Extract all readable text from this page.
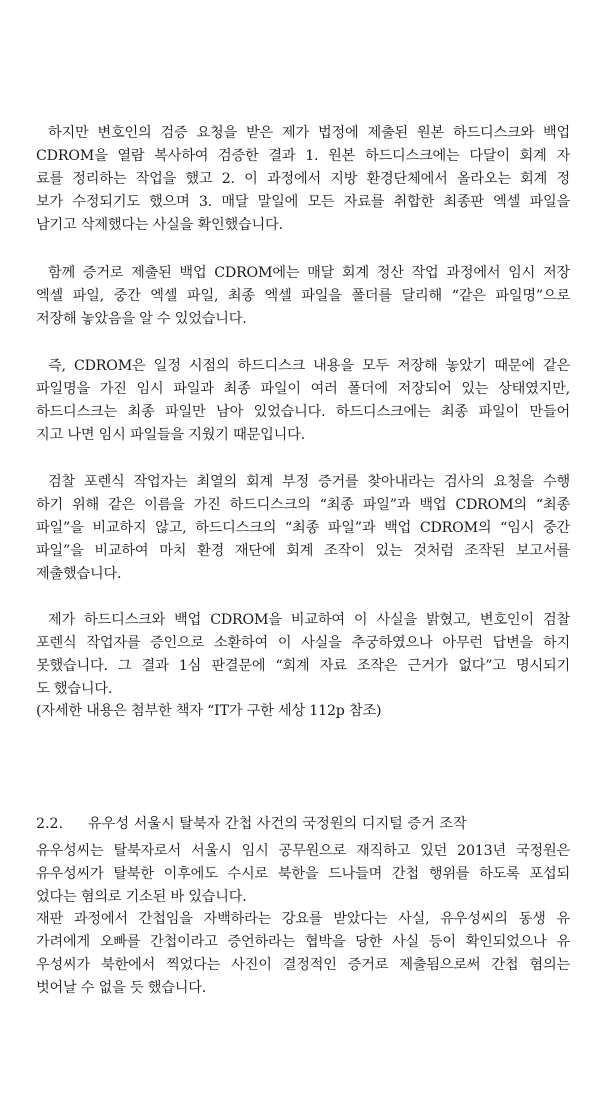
하지만 변호인의 검증 요청을 받은 제가 법정에 제출된 원본 하드디스크와 백업
CDROM을 열람 복사하여 검증한 결과 1. 원본 하드디스크에는 다달이 회계 자
료를 정리하는 작업을 했고 2. 이 과정에서 지방 환경단체에서 올라오는 회계 정
보가 수정되기도 했으며 3. 매달 말일에 모든 자료를 취합한 최종판 엑셀 파일을
남기고 삭제했다는 사실을 확인했습니다.
함께 증거로 제출된 백업 CDROM에는 매달 회계 정산 작업 과정에서 임시 저장
엑셀 파일, 중간 엑셀 파일, 최종 엑셀 파일을 폴더를 달리해 “같은 파일명”으로
저장해 놓았음을 알 수 있었습니다.
즉, CDROM은 일정 시점의 하드디스크 내용을 모두 저장해 놓았기 때문에 같은
파일명을 가진 임시 파일과 최종 파일이 여러 폴더에 저장되어 있는 상태였지만,
하드디스크는 최종 파일만 남아 있었습니다. 하드디스크에는 최종 파일이 만들어
지고 나면 임시 파일들을 지웠기 때문입니다.
검찰 포렌식 작업자는 최열의 회계 부정 증거를 찾아내라는 검사의 요청을 수행
하기 위해 같은 이름을 가진 하드디스크의 “최종 파일”과 백업 CDROM의 “최종
파일”을 비교하지 않고, 하드디스크의 “최종 파일”과 백업 CDROM의 “임시 중간
파일”을 비교하여 마치 환경 재단에 회계 조작이 있는 것처럼 조작된 보고서를
제출했습니다.
제가 하드디스크와 백업 CDROM을 비교하여 이 사실을 밝혔고, 변호인이 검찰
포렌식 작업자를 증인으로 소환하여 이 사실을 추궁하였으나 아무런 답변을 하지
못했습니다. 그 결과 1심 판결문에 “회계 자료 조작은 근거가 없다”고 명시되기
도 했습니다.
(자세한 내용은 첨부한 책자 “IT가 구한 세상 112p 참조)
2.2. 유우성 서울시 탈북자 간첩 사건의 국정원의 디지털 증거 조작
유우성씨는 탈북자로서 서울시 임시 공무원으로 재직하고 있던 2013년 국정원은
유우성씨가 탈북한 이후에도 수시로 북한을 드나들며 간첩 행위를 하도록 포섭되
었다는 혐의로 기소된 바 있습니다.
재판 과정에서 간첩임을 자백하라는 강요를 받았다는 사실, 유우성씨의 동생 유
가려에게 오빠를 간첩이라고 증언하라는 협박을 당한 사실 등이 확인되었으나 유
우성씨가 북한에서 찍었다는 사진이 결정적인 증거로 제출됨으로써 간첩 혐의는
벗어날 수 없을 듯 했습니다.
